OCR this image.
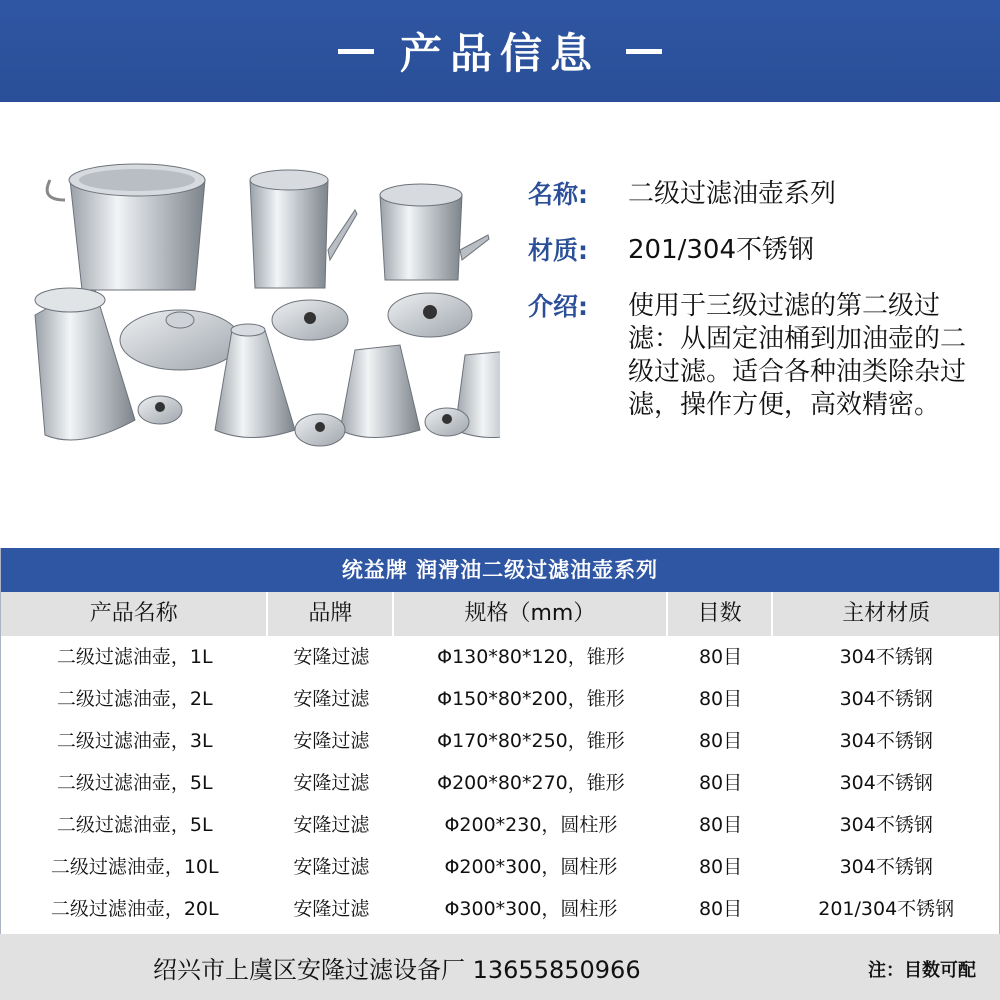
产品信息
名称:	二级过滤油壶系列
材质:	201/304不锈钢
介绍:	使用于三级过滤的第二级过滤：从固定油桶到加油壶的二级过滤。适合各种油类除杂过滤，操作方便，高效精密。
统益牌 润滑油二级过滤油壶系列
产品名称	品牌	规格（mm）	目数	主材材质
二级过滤油壶，1L	安隆过滤	Φ130*80*120，锥形	80目	304不锈钢
二级过滤油壶，2L	安隆过滤	Φ150*80*200，锥形	80目	304不锈钢
二级过滤油壶，3L	安隆过滤	Φ170*80*250，锥形	80目	304不锈钢
二级过滤油壶，5L	安隆过滤	Φ200*80*270，锥形	80目	304不锈钢
二级过滤油壶，5L	安隆过滤	Φ200*230，圆柱形	80目	304不锈钢
二级过滤油壶，10L	安隆过滤	Φ200*300，圆柱形	80目	304不锈钢
二级过滤油壶，20L	安隆过滤	Φ300*300，圆柱形	80目	201/304不锈钢
绍兴市上虞区安隆过滤设备厂 13655850966	注：目数可配
